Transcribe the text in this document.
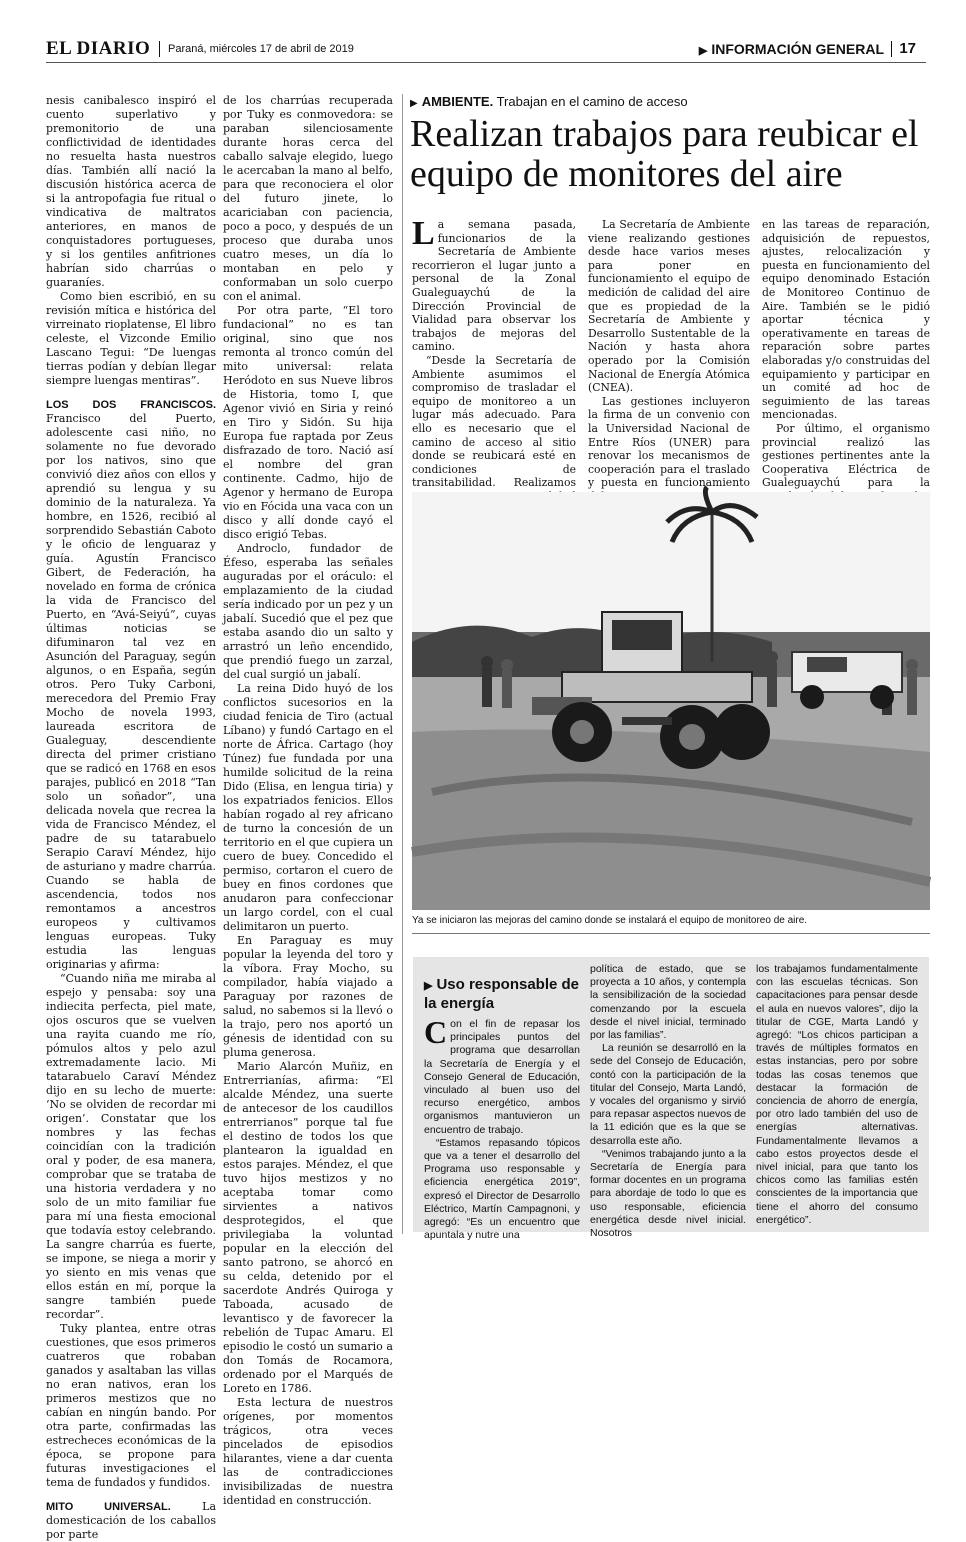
EL DIARIO Paraná, miércoles 17 de abril de 2019	▶ INFORMACIÓN GENERAL 17

nesis canibalesco inspiró el cuento superlativo y premonitorio de una conflictividad de identidades no resuelta hasta nuestros días. También allí nació la discusión histórica acerca de si la antropofagia fue ritual o vindicativa de maltratos anteriores, en manos de conquistadores portugueses, y si los gentiles anfitriones habrían sido charrúas o guaraníes.

Como bien escribió, en su revisión mítica e histórica del virreinato rioplatense, El libro celeste, el Vizconde Emilio Lascano Tegui: “De luengas tierras podían y debían llegar siempre luengas mentiras”.

LOS DOS FRANCISCOS. Francisco del Puerto, adolescente casi niño, no solamente no fue devorado por los nativos, sino que convivió diez años con ellos y aprendió su lengua y su dominio de la naturaleza. Ya hombre, en 1526, recibió al sorprendido Sebastián Caboto y le oficio de lenguaraz y guía. Agustín Francisco Gibert, de Federación, ha novelado en forma de crónica la vida de Francisco del Puerto, en “Avá-Seiyú”, cuyas últimas noticias se difuminaron tal vez en Asunción del Paraguay, según algunos, o en España, según otros. Pero Tuky Carboni, merecedora del Premio Fray Mocho de novela 1993, laureada escritora de Gualeguay, descendiente directa del primer cristiano que se radicó en 1768 en esos parajes, publicó en 2018 “Tan solo un soñador”, una delicada novela que recrea la vida de Francisco Méndez, el padre de su tatarabuelo Serapio Caraví Méndez, hijo de asturiano y madre charrúa. Cuando se habla de ascendencia, todos nos remontamos a ancestros europeos y cultivamos lenguas europeas. Tuky estudia las lenguas originarias y afirma:

“Cuando niña me miraba al espejo y pensaba: soy una indiecita perfecta, piel mate, ojos oscuros que se vuelven una rayita cuando me río, pómulos altos y pelo azul extremadamente lacio. Mi tatarabuelo Caraví Méndez dijo en su lecho de muerte: ‘No se olviden de recordar mi origen’. Constatar que los nombres y las fechas coincidían con la tradición oral y poder, de esa manera, comprobar que se trataba de una historia verdadera y no solo de un mito familiar fue para mí una fiesta emocional que todavía estoy celebrando. La sangre charrúa es fuerte, se impone, se niega a morir y yo siento en mis venas que ellos están en mí, porque la sangre también puede recordar”.

Tuky plantea, entre otras cuestiones, que esos primeros cuatreros que robaban ganados y asaltaban las villas no eran nativos, eran los primeros mestizos que no cabían en ningún bando. Por otra parte, confirmadas las estrecheces económicas de la época, se propone para futuras investigaciones el tema de fundados y fundidos.

MITO UNIVERSAL. La domesticación de los caballos por parte

de los charrúas recuperada por Tuky es conmovedora: se paraban silenciosamente durante horas cerca del caballo salvaje elegido, luego le acercaban la mano al belfo, para que reconociera el olor del futuro jinete, lo acariciaban con paciencia, poco a poco, y después de un proceso que duraba unos cuatro meses, un día lo montaban en pelo y conformaban un solo cuerpo con el animal.

Por otra parte, “El toro fundacional” no es tan original, sino que nos remonta al tronco común del mito universal: relata Heródoto en sus Nueve libros de Historia, tomo I, que Agenor vivió en Siria y reinó en Tiro y Sidón. Su hija Europa fue raptada por Zeus disfrazado de toro. Nació así el nombre del gran continente. Cadmo, hijo de Agenor y hermano de Europa vio en Fócida una vaca con un disco y allí donde cayó el disco erigió Tebas.

Androclo, fundador de Éfeso, esperaba las señales auguradas por el oráculo: el emplazamiento de la ciudad sería indicado por un pez y un jabalí. Sucedió que el pez que estaba asando dio un salto y arrastró un leño encendido, que prendió fuego un zarzal, del cual surgió un jabalí.

La reina Dido huyó de los conflictos sucesorios en la ciudad fenicia de Tiro (actual Líbano) y fundó Cartago en el norte de África. Cartago (hoy Túnez) fue fundada por una humilde solicitud de la reina Dido (Elisa, en lengua tiria) y los expatriados fenicios. Ellos habían rogado al rey africano de turno la concesión de un territorio en el que cupiera un cuero de buey. Concedido el permiso, cortaron el cuero de buey en finos cordones que anudaron para confeccionar un largo cordel, con el cual delimitaron un puerto.

En Paraguay es muy popular la leyenda del toro y la víbora. Fray Mocho, su compilador, había viajado a Paraguay por razones de salud, no sabemos si la llevó o la trajo, pero nos aportó un génesis de identidad con su pluma generosa.

Mario Alarcón Muñiz, en Entrerrianías, afirma: “El alcalde Méndez, una suerte de antecesor de los caudillos entrerrianos” porque tal fue el destino de todos los que plantearon la igualdad en estos parajes. Méndez, el que tuvo hijos mestizos y no aceptaba tomar como sirvientes a nativos desprotegidos, el que privilegiaba la voluntad popular en la elección del santo patrono, se ahorcó en su celda, detenido por el sacerdote Andrés Quiroga y Taboada, acusado de levantisco y de favorecer la rebelión de Tupac Amaru. El episodio le costó un sumario a don Tomás de Rocamora, ordenado por el Marqués de Loreto en 1786.

Esta lectura de nuestros orígenes, por momentos trágicos, otra veces pincelados de episodios hilarantes, viene a dar cuenta las de contradicciones invisibilizadas de nuestra identidad en construcción.

▶ AMBIENTE. Trabajan en el camino de acceso
Realizan trabajos para reubicar el equipo de monitores del aire

La semana pasada, funcionarios de la Secretaría de Ambiente recorrieron el lugar junto a personal de la Zonal Gualeguaychú de la Dirección Provincial de Vialidad para observar los trabajos de mejoras del camino.

“Desde la Secretaría de Ambiente asumimos el compromiso de trasladar el equipo de monitoreo a un lugar más adecuado. Para ello es necesario que el camino de acceso al sitio donde se reubicará esté en condiciones de transitabilidad. Realizamos

La Secretaría de Ambiente viene realizando gestiones desde hace varios meses para poner en funcionamiento el equipo de medición de calidad del aire que es propiedad de la Secretaría de Ambiente y Desarrollo Sustentable de la Nación y hasta ahora operado por la Comisión Nacional de Energía Atómica (CNEA).

Las gestiones incluyeron la firma de un convenio con la Universidad Nacional de Entre Ríos (UNER) para renovar los mecanismos de cooperación para el traslado y puesta en funcionamiento

en las tareas de reparación, adquisición de repuestos, ajustes, relocalización y puesta en funcionamiento del equipo denominado Estación de Monitoreo Continuo de Aire. También se le pidió aportar técnica y operativamente en tareas de reparación sobre partes elaboradas y/o construidas del equipamiento y participar en un comité ad hoc de seguimiento de las tareas mencionadas.

Por último, el organismo provincial realizó las gestiones pertinentes ante la Cooperativa Eléctrica de Gualeguaychú para la

Ya se iniciaron las mejoras del camino donde se instalará el equipo de monitoreo de aire.
▶ Uso responsable de la energía

Con el fin de repasar los principales puntos del programa que desarrollan la Secretaría de Energía y el Consejo General de Educación, vinculado al buen uso del recurso energético, ambos organismos mantuvieron un encuentro de trabajo.

“Estamos repasando tópicos que va a tener el desarrollo del Programa uso responsable y eficiencia energética 2019”, expresó el Director de Desarrollo Eléctrico, Martín Campagnoni, y agregó: “Es un encuentro que apuntala y nutre una

política de estado, que se proyecta a 10 años, y contempla la sensibilización de la sociedad comenzando por la escuela desde el nivel inicial, terminado por las familias”.

La reunión se desarrolló en la sede del Consejo de Educación, contó con la participación de la titular del Consejo, Marta Landó, y vocales del organismo y sirvió para repasar aspectos nuevos de la 11 edición que es la que se desarrolla este año.

“Venimos trabajando junto a la Secretaría de Energía para formar docentes en un programa para abordaje de todo lo que es uso responsable, eficiencia energética desde nivel inicial. Nosotros

los trabajamos fundamentalmente con las escuelas técnicas. Son capacitaciones para pensar desde el aula en nuevos valores”, dijo la titular de CGE, Marta Landó y agregó: “Los chicos participan a través de múltiples formatos en estas instancias, pero por sobre todas las cosas tenemos que destacar la formación de conciencia de ahorro de energía, por otro lado también del uso de energías alternativas. Fundamentalmente llevamos a cabo estos proyectos desde el nivel inicial, para que tanto los chicos como las familias estén conscientes de la importancia que tiene el ahorro del consumo energético”.
